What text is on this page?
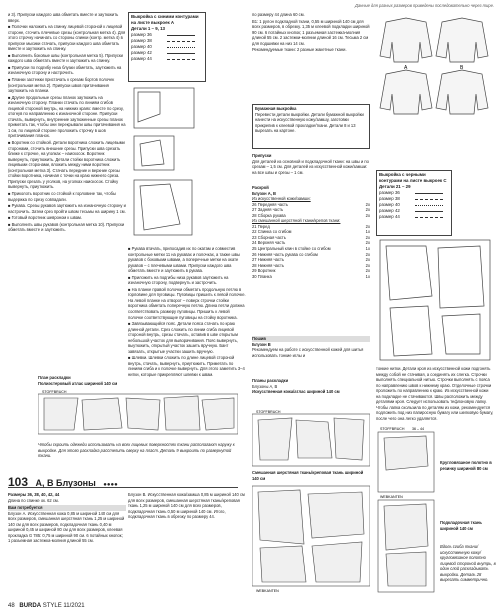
Данные для разных размеров приведены последовательно через тире.

и 3). Припуски каждого шва обметать вместе и заутюжить вверх.

■ Полочки наложить на спинку лицевой стороной к лицевой стороне, сточить плечевые срезы (контрольная метка 4). Для этого строчку начинать со стороны спинки (контр. метка 4) в припуске мысики стачать, припуски каждого шва обметать вместе и заутюжить на спинку.

■ Выполнить боковые швы (контрольная метка 5). Припуски каждого шва обметать вместе и заутюжить на спинку.

■ Припуски по подгибу низа блузки обметать, заутюжить на изнаночную сторону и настрочить.

■ Планки застежки пристачать к срезам бортов полочек (контрольная метка 2). Припуски швов притачивания заутюжить на планки.

■ Другие продольные срезы планок заутюжить на изнаночную сторону. Планки стачать по линиям сгибов лицевой стороной внутрь, на нижних краях: вместе по срезу, отогнув по направлению к изнаночной стороне. Припуски стачать, вывернуть, внутренние заутюженные срезы планок приметать так, чтобы они перекрывали швы притачивания на 1 см, по лицевой стороне проложить строчку в шов притачивания планок.

■ Воротник со стойкой. Детали воротника сложить лицевыми сторонами, сточить внешние срезы. Припуски шва срезать ближе к строчке, на уголках – наискосок. Воротник вывернуть, приутюжить. Детали стойки воротника сложить лицевыми сторонами, вложить между ними воротник (контрольная метка 3). Стачать передние и верхние срезы стойки воротника, начиная с точки на краю нижнего среза. Припуски срезать у уголков, на уголках наискосок. Стойку вывернуть, приутюжить.

■ Приколоть воротник со стойкой к горловине так, чтобы выдержка по срезу совпадали.

■ Рукава. Срезы рукавов заутюжить на изнаночную сторону и настрочить. Затем срез пройти швом тесьмы на ширину 1 см.

■ Готовый воротник шевроном к швам.

■ Выполнить швы рукавов (контрольная метка 10). Припуски обметать вместе и заутюжить.

Выкройка с синими контурами на листе выкроек А
Детали 1 – 9, 13
размер 36
размер 38
размер 40
размер 42
размер 44

■ Рукава втачать, припосадив их по окатам и совместив контрольные метки 11 на рукавах и полочках, а также швы рукавов с боковыми швами, а поперечные метки на окате рукавов – с плечевыми швами. Припуски каждого шва обметать вместе и заутюжить в рукава.

■ Приложить на подгибы низа рукавов заутюжить на изнаночную сторону, подвернуть и застрочить.

■ На планке правой полочки обметать продольную петлю в горловине для пуговицы. Пуговицы пришить к левой полочке. На левой планке на отворот – поверх строчки стойки воротника обметать поперечную петлю. Длина петли должна соответствовать размеру пуговицы. Пришить к левой полочке соответствующие пуговицы на стойку воротника.

■ Завязывающийся пояс. Детали пояса стачать по краю длинной детали. Срез сложить по линии сгиба лицевой стороной внутрь, срезы стачать, оставив в шве открытым небольшой участок для выворачивания. Пояс вывернуть, выутюжить, открытый участок зашить вручную. Бант завязать, открытые участки зашить вручную.

■ Шлевки. Шлевки сложить по длине лицевой стороной внутрь, стачать, вывернуть, приутюжить. Приметать по линиям сгиба и к полочке вывернуть. Для этого заметить 3–4 нитки, которые прикрепляют шлевки к швам.

по размеру 44 длина 60 см.

В1: 1 рулон подкладной ткани, 0,55 м шириной 140 см для всех размеров, в обрезку. 1,35 м клеевой подкладки шириной 90 см. 6 потайных кнопок; 1 разъемная застежка-молния длиной 55 см. 2 застежки-молнии длиной 16 см. Тесьма 2 см для подшивки на низ 14 см.

Рекомендуемые ткани: 2 разные жакетные ткани.

Бумажная выкройка
Перевести детали выкройки. Детали бумажной выкройки нанести на искусственную кожу/замшу, заготовки прикрепив к клеевой прокладке/ткани. Детали 8 и 13 вырезать на картоне.
Припуски
Для деталей из основной и подкладочной ткани: на швы и по срезам – 1,5 см. Для деталей из искусственной кожи/замши: на все швы и срезы – 1 см.
Раскрой
Блузон А, В
Из искусственной кожи/замши:
26 Передняя часть	2x
27 Задняя часть	2x
28 Сборка рукава	2x
Из смешанной шерстяной ткани/крепов ткани:
21 Перед	2x
22 Спинка со сгибом	1x
23 Сборная часть	2x
24 Верхняя часть	2x
25 Центральный клин в стойке со сгибом	1x
26 Нижняя часть рукава со сгибом	2x
27 Нижняя часть	2x
28 Нижняя часть	2x
29 Воротник	2x
30 Планка	1x
Пошив
Блузон В
Рекомендуем на работе с искусственной кожей для шитья использовать тонкие иглы и
A	B
Выкройка с черными контурами на листе выкроек С
Детали 21 – 29
размер 36
размер 38
размер 40
размер 42
размер 44

тонкие нитки. Детали кроя из искусственной кожи подгонять между собой не стачивая, а соединять их слегка. Строчки выполнять специальной нитью. Строчки выполнять с пояса по направлению швов к нижнему краю. Отделочные строчки проложить по направлению к краю. Из искусственной кожи на подкладке не стачиваются. Швы расположить между деталями кроя. Следует использовать тефлоновую лапку. Чтобы лапка скользила по деталям из кожи, рекомендуется подложить под низ папиросную бумагу или шелковую бумагу, после чего она легко удаляется.

План раскладки
Полиэстеровый атлас шириной 140 см
STOFFBRUCH
Чтобы скроить одежеди использовать на всех лицевых поверхностях ткани располагают наружу к выкройке. Для этого раскладка расстелить сверху на пласт. Деталь 9 выкроить по развернутой ткани.
103 А, В Блузоны ●●●●
Размеры 36, 38, 40, 42, 44
Длина по спинке ок. 62 см.
Вам потребуется
Блузон А. Искусственная кожа 0,85 м шириной 140 см для всех размеров, смешанная шерстяная ткань 1,25 м шириной 140 см для всех размеров, подкладочная ткань 0,40 м шириной 0,45 м шириной 80 см для всех размеров, клеевая прокладка G 785: 0,75 м шириной 90 см. 6 потайных кнопок; 1 разъемная застежка-молния длиной 55 см.
Блузон В. Искусственная кожа/замша 0,85 м шириной 140 см для всех размеров, смешанная шерстяная ткань/креповая ткань 1,25 м шириной 140 см для всех размеров, подкладочная ткань 0,50 м шириной 140 см. Итого, подкладочная ткань в обрезку по размеру 44.
Планы раскладки
Блузоны А, В
Искусственная кожа/атлас шириной 140 см
STOFFBRUCH
Смешанная шерстяная ткань/креповая ткань шириной 140 см
WEBKANTEN
STOFFBRUCH 36 – 44
WEBKANTEN
Кругловязаное полотно в резинку шириной 80 см
Подкладочная ткань шириной 140 см
Вдоль сгиба ткани/искусственную кожу/кругловязаное полотно лицевой стороной внутрь, в один слой раскладывать выкройки. Деталь 28 вырезать симметрично.
48 BURDA STYLE 11/2021
